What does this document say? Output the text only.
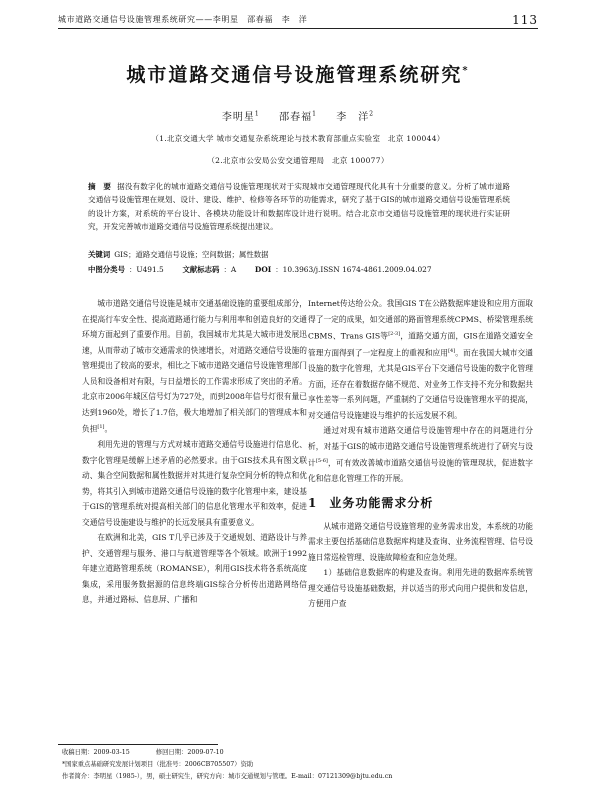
城市道路交通信号设施管理系统研究——李明星　邵春福　李　洋	113
城市道路交通信号设施管理系统研究*
李明星$^1$   邵春福$^1$   李　洋$^2$
（1.北京交通大学 城市交通复杂系统理论与技术教育部重点实验室　北京 100044）
（2.北京市公安局公安交通管理局　北京 100077）
摘　要 据没有数字化的城市道路交通信号设施管理现状对于实现城市交通管理现代化具有十分重要的意义。分析了城市道路交通信号设施管理在规划、设计、建设、维护、检修等各环节的功能需求，研究了基于GIS的城市道路交通信号设施管理系统的设计方案，对系统的平台设计、各模块功能设计和数据库设计进行说明。结合北京市交通信号设施管理的现状进行实证研究，开发完善城市道路交通信号设施管理系统提出建议。
关键词 GIS；道路交通信号设施；空间数据；属性数据
中图分类号 ：U491.5	文献标志码 ：A	DOI ：10.3963/j.ISSN 1674-4861.2009.04.027

城市道路交通信号设施是城市交通基础设施的重要组成部分，在提高行车安全性、提高道路通行能力与利用率和创造良好的交通环境方面起到了重要作用。目前，我国城市尤其是大城市进发展迅速，从而带动了城市交通需求的快速增长，对道路交通信号设施的管理提出了较高的要求，相比之下城市道路交通信号设施管理部门人员和设备相对有限，与日益增长的工作需求形成了突出的矛盾。北京市2006年城区信号灯为727处，而到2008年信号灯很有量已达到1960处，增长了1.7倍，极大地增加了相关部门的管理成本和负担[1]。

利用先进的管理与方式对城市道路交通信号设施进行信息化、数字化管理是缓解上述矛盾的必然要求。由于GIS技术具有图文联动、集合空间数据和属性数据并对其进行复杂空间分析的特点和优势，将其引入到城市道路交通信号设施的数字化管理中来，建设基于GIS的管理系统对提高相关部门的信息化管理水平和效率，促进交通信号设施建设与维护的长远发展具有重要意义。

在欧洲和北美，GIS T几乎已涉及于交通规划、道路设计与养护、交通管理与服务、港口与航道管理等各个领域。欧洲于1992年建立道路管理系统（ROMANSE），利用GIS技术将各系统高度集成，采用服务数据源的信息终端GIS综合分析传出道路网络信息，并通过路标、信息屏、广播和

Internet传达给公众。我国GIS T在公路数据库建设和应用方面取得了一定的成果，如交通部的路面管理系统CPMS、桥梁管理系统CBMS、Trans GIS等[2-3]，道路交通方面，GIS在道路交通安全管理方面得到了一定程度上的重视和应用[4]。而在我国大城市交通设施的数字化管理，尤其是GIS平台下交通信号设施的数字化管理方面，还存在着数据存储不规范、对业务工作支持不充分和数据共享性差等一系列问题，严重制约了交通信号设施管理水平的提高，对交通信号设施建设与维护的长远发展不利。

通过对现有城市道路交通信号设施管理中存在的问题进行分析，对基于GIS的城市道路交通信号设施管理系统进行了研究与设计[5-6]，可有效改善城市道路交通信号设施的管理现状，促进数字化和信息化管理工作的开展。

1 业务功能需求分析

从城市道路交通信号设施管理的业务需求出发，本系统的功能需求主要包括基础信息数据库构建及查询、业务流程管理、信号设施日常巡检管理、设施故障检查和应急处理。

1）基础信息数据库的构建及查询。利用先进的数据库系统管理交通信号设施基础数据，并以适当的形式向用户提供和发信息，方便用户查

收稿日期：2009-03-15	修回日期：2009-07-10
*国家重点基础研究发展计划项目（批准号：2006CB705507）资助
作者简介：李明星（1985-），男，硕士研究生，研究方向：城市交通规划与管理。E-mail：07121309@bjtu.edu.cn
